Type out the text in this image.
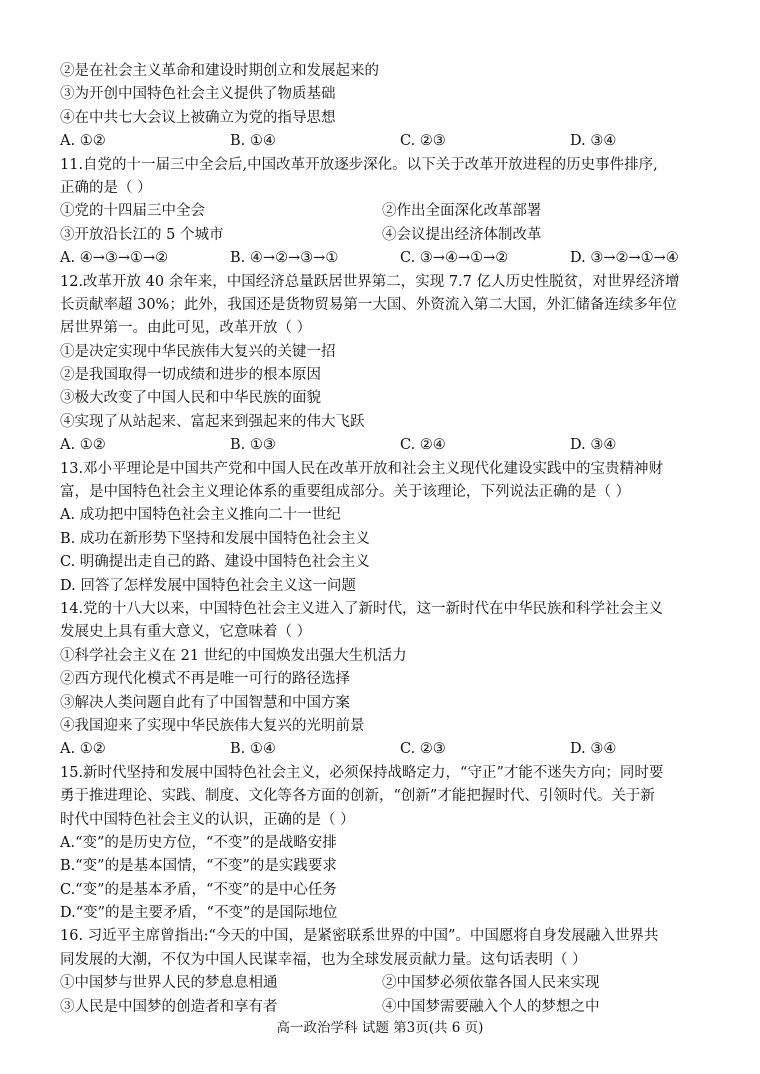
②是在社会主义革命和建设时期创立和发展起来的
③为开创中国特色社会主义提供了物质基础
④在中共七大会议上被确立为党的指导思想
A. ①②	B. ①④	C. ②③	D. ③④
11.自党的十一届三中全会后,中国改革开放逐步深化。以下关于改革开放进程的历史事件排序,
正确的是（ ）
①党的十四届三中全会	②作出全面深化改革部署
③开放沿长江的 5 个城市	④会议提出经济体制改革
A. ④→③→①→②	B. ④→②→③→①	C. ③→④→①→②	D. ③→②→①→④
12.改革开放 40 余年来，中国经济总量跃居世界第二，实现 7.7 亿人历史性脱贫，对世界经济增
长贡献率超 30%；此外，我国还是货物贸易第一大国、外资流入第二大国，外汇储备连续多年位
居世界第一。由此可见，改革开放（ ）
①是决定实现中华民族伟大复兴的关键一招
②是我国取得一切成绩和进步的根本原因
③极大改变了中国人民和中华民族的面貌
④实现了从站起来、富起来到强起来的伟大飞跃
A. ①②	B. ①③	C. ②④	D. ③④
13.邓小平理论是中国共产党和中国人民在改革开放和社会主义现代化建设实践中的宝贵精神财
富，是中国特色社会主义理论体系的重要组成部分。关于该理论，下列说法正确的是（ ）
A. 成功把中国特色社会主义推向二十一世纪
B. 成功在新形势下坚持和发展中国特色社会主义
C. 明确提出走自己的路、建设中国特色社会主义
D. 回答了怎样发展中国特色社会主义这一问题
14.党的十八大以来，中国特色社会主义进入了新时代，这一新时代在中华民族和科学社会主义
发展史上具有重大意义，它意味着（ ）
①科学社会主义在 21 世纪的中国焕发出强大生机活力
②西方现代化模式不再是唯一可行的路径选择
③解决人类问题自此有了中国智慧和中国方案
④我国迎来了实现中华民族伟大复兴的光明前景
A. ①②	B. ①④	C. ②③	D. ③④
15.新时代坚持和发展中国特色社会主义，必须保持战略定力，“守正”才能不迷失方向；同时要
勇于推进理论、实践、制度、文化等各方面的创新，“创新”才能把握时代、引领时代。关于新
时代中国特色社会主义的认识，正确的是（ ）
A.“变”的是历史方位，“不变”的是战略安排
B.“变”的是基本国情，“不变”的是实践要求
C.“变”的是基本矛盾，“不变”的是中心任务
D.“变”的是主要矛盾，“不变”的是国际地位
16. 习近平主席曾指出:“今天的中国，是紧密联系世界的中国”。中国愿将自身发展融入世界共
同发展的大潮，不仅为中国人民谋幸福，也为全球发展贡献力量。这句话表明（ ）
①中国梦与世界人民的梦息息相通	②中国梦必须依靠各国人民来实现
③人民是中国梦的创造者和享有者	④中国梦需要融入个人的梦想之中
高一政治学科 试题 第3页(共 6 页)
